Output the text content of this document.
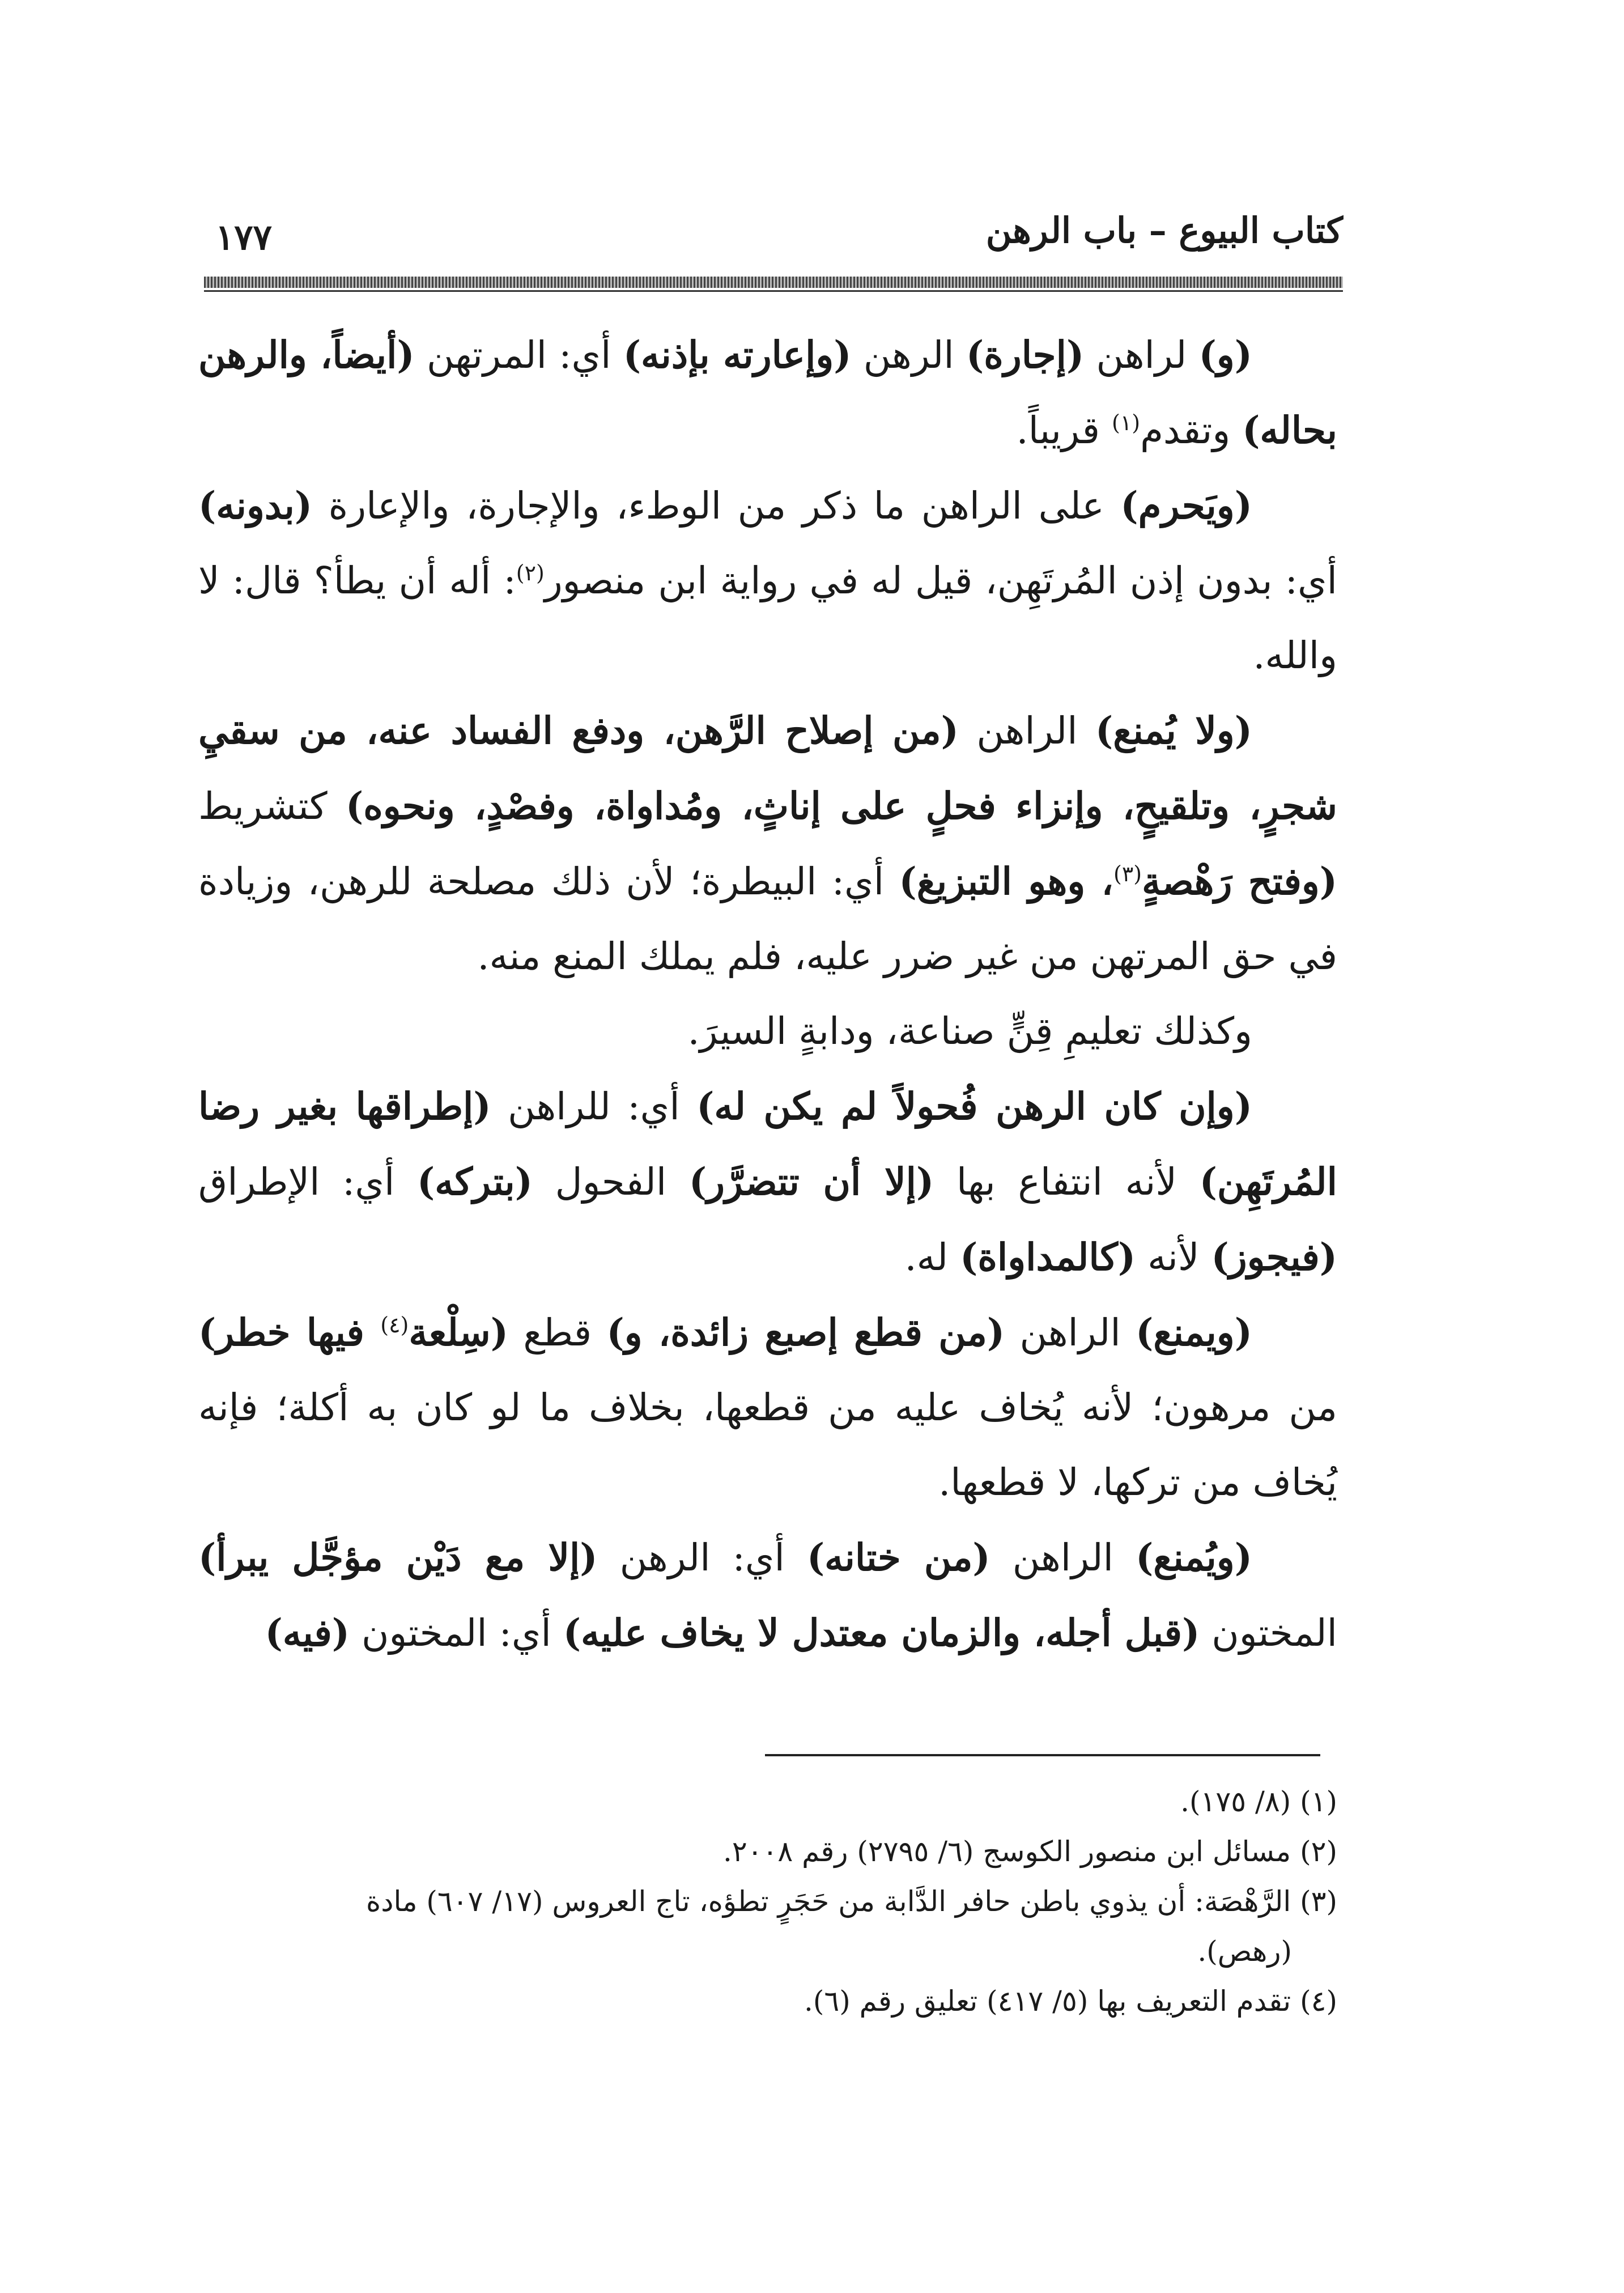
كتاب البيوع – باب الرهن
١٧٧

(و) لراهن (إجارة) الرهن (وإعارته بإذنه) أي: المرتهن (أيضاً، والرهن بحاله) وتقدم$^{(١)}$ قريباً.

(ويَحرم) على الراهن ما ذكر من الوطء، والإجارة، والإعارة (بدونه) أي: بدون إذن المُرتَهِن، قيل له في رواية ابن منصور$^{(٢)}$: أله أن يطأ؟ قال: لا والله.

(ولا يُمنع) الراهن (من إصلاح الرَّهن، ودفع الفساد عنه، من سقيِ شجرٍ، وتلقيحٍ، وإنزاء فحلٍ على إناثٍ، ومُداواة، وفصْدٍ، ونحوه) كتشريط (وفتح رَهْصةٍ$^{(٣)}$، وهو التبزيغ) أي: البيطرة؛ لأن ذلك مصلحة للرهن، وزيادة في حق المرتهن من غير ضرر عليه، فلم يملك المنع منه.

وكذلك تعليمِ قِنٍّ صناعة، ودابةٍ السيرَ.

(وإن كان الرهن فُحولاً لم يكن له) أي: للراهن (إطراقها بغير رضا المُرتَهِن) لأنه انتفاع بها (إلا أن تتضرَّر) الفحول (بتركه) أي: الإطراق (فيجوز) لأنه (كالمداواة) له.

(ويمنع) الراهن (من قطع إصبع زائدة، و) قطع (سِلْعة$^{(٤)}$ فيها خطر) من مرهون؛ لأنه يُخاف عليه من قطعها، بخلاف ما لو كان به أكلة؛ فإنه يُخاف من تركها، لا قطعها.

(ويُمنع) الراهن (من ختانه) أي: الرهن (إلا مع دَيْن مؤجَّل يبرأ) المختون (قبل أجله، والزمان معتدل لا يخاف عليه) أي: المختون (فيه)

(١) (٨/ ١٧٥).

(٢) مسائل ابن منصور الكوسج (٦/ ٢٧٩٥) رقم ٢٠٠٨.

(٣) الرَّهْصَة: أن يذوي باطن حافر الدَّابة من حَجَرٍ تطؤه، تاج العروس (١٧/ ٦٠٧) مادة

(رهص).

(٤) تقدم التعريف بها (٥/ ٤١٧) تعليق رقم (٦).
